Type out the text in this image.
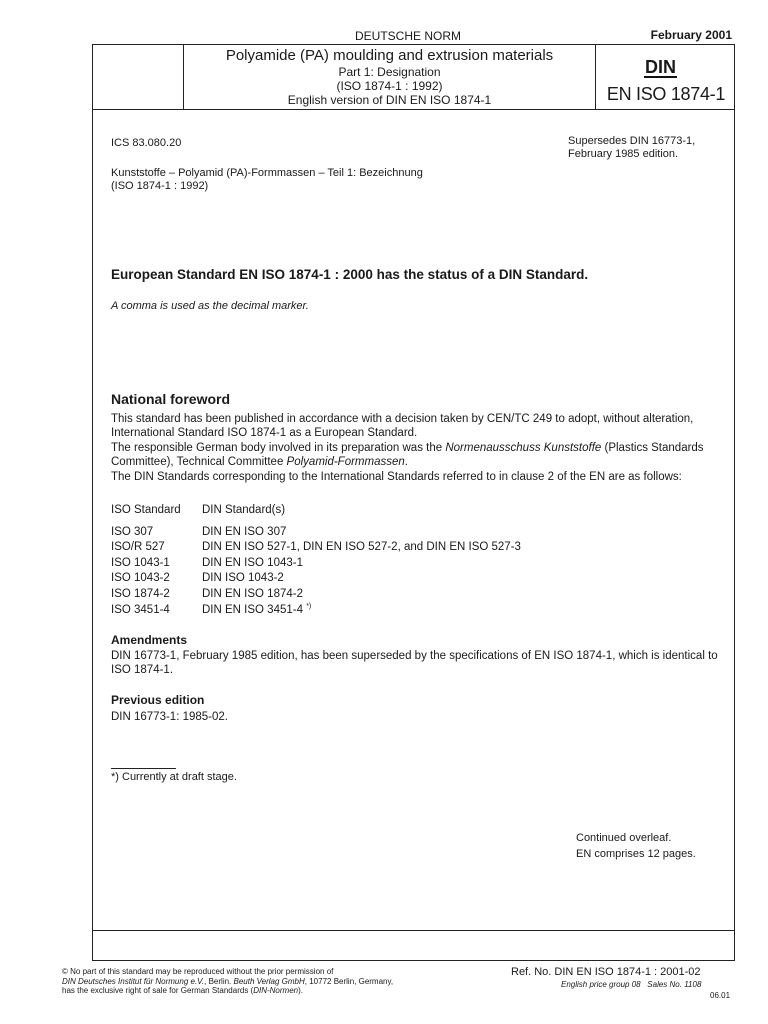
DEUTSCHE NORM	February 2001
Polyamide (PA) moulding and extrusion materials
Part 1: Designation
(ISO 1874-1 : 1992)
English version of DIN EN ISO 1874-1
DIN
EN ISO 1874-1
ICS 83.080.20	Supersedes DIN 16773-1,
February 1985 edition.
Kunststoffe – Polyamid (PA)-Formmassen – Teil 1: Bezeichnung
(ISO 1874-1 : 1992)
European Standard EN ISO 1874-1 : 2000 has the status of a DIN Standard.
A comma is used as the decimal marker.
National foreword

This standard has been published in accordance with a decision taken by CEN/TC 249 to adopt, without alteration, International Standard ISO 1874-1 as a European Standard.

The responsible German body involved in its preparation was the Normenausschuss Kunststoffe (Plastics Standards Committee), Technical Committee Polyamid-Formmassen.

The DIN Standards corresponding to the International Standards referred to in clause 2 of the EN are as follows:

ISO Standard	DIN Standard(s)
ISO 307	DIN EN ISO 307
ISO/R 527	DIN EN ISO 527-1, DIN EN ISO 527-2, and DIN EN ISO 527-3
ISO 1043-1	DIN EN ISO 1043-1
ISO 1043-2	DIN ISO 1043-2
ISO 1874-2	DIN EN ISO 1874-2
ISO 3451-4	DIN EN ISO 3451-4 *)
Amendments
DIN 16773-1, February 1985 edition, has been superseded by the specifications of EN ISO 1874-1, which is identical to ISO 1874-1.
Previous edition
DIN 16773-1: 1985-02.
*) Currently at draft stage.
Continued overleaf.
EN comprises 12 pages.
© No part of this standard may be reproduced without the prior permission of
DIN Deutsches Institut für Normung e.V., Berlin. Beuth Verlag GmbH, 10772 Berlin, Germany,
has the exclusive right of sale for German Standards (DIN-Normen).
Ref. No. DIN EN ISO 1874-1 : 2001-02
English price group 08 Sales No. 1108
06.01
